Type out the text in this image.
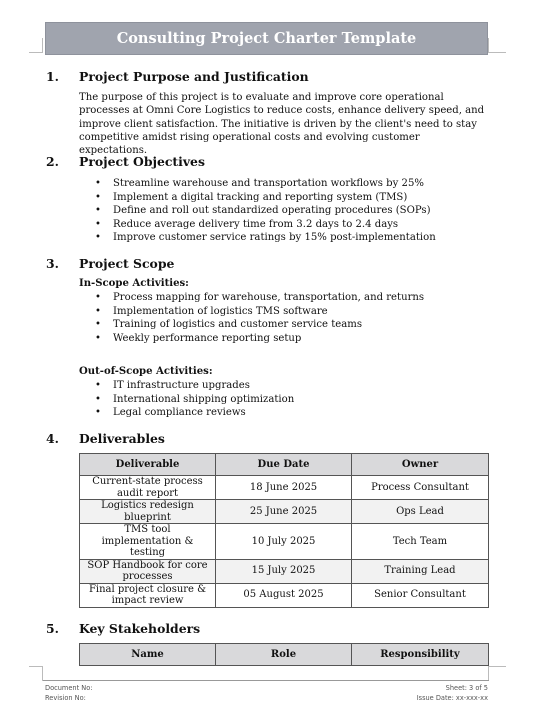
Consulting Project Charter Template
1. Project Purpose and Justification

The purpose of this project is to evaluate and improve core operational processes at Omni Core Logistics to reduce costs, enhance delivery speed, and improve client satisfaction. The initiative is driven by the client's need to stay competitive amidst rising operational costs and evolving customer expectations.

2. Project Objectives
• Streamline warehouse and transportation workflows by 25%
• Implement a digital tracking and reporting system (TMS)
• Define and roll out standardized operating procedures (SOPs)
• Reduce average delivery time from 3.2 days to 2.4 days
• Improve customer service ratings by 15% post-implementation
3. Project Scope
In-Scope Activities:
• Process mapping for warehouse, transportation, and returns
• Implementation of logistics TMS software
• Training of logistics and customer service teams
• Weekly performance reporting setup
Out-of-Scope Activities:
• IT infrastructure upgrades
• International shipping optimization
• Legal compliance reviews
4. Deliverables
Deliverable	Due Date	Owner
Current-state process audit report	18 June 2025	Process Consultant
Logistics redesign blueprint	25 June 2025	Ops Lead
TMS tool implementation & testing	10 July 2025	Tech Team
SOP Handbook for core processes	15 July 2025	Training Lead
Final project closure & impact review	05 August 2025	Senior Consultant
5. Key Stakeholders
Name	Role	Responsibility
Document No:
Revision No:
Sheet: 3 of 5
Issue Date: xx-xxx-xx
